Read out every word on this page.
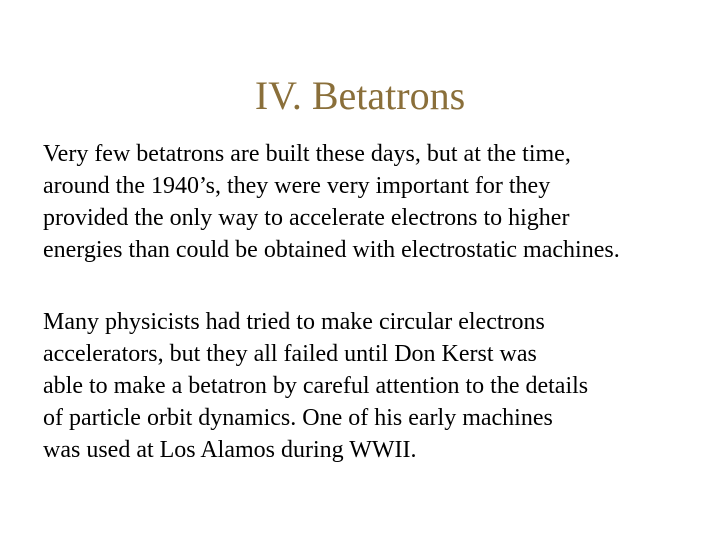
IV. Betatrons

Very few betatrons are built these days, but at the time,
around the 1940’s, they were very important for they
provided the only way to accelerate electrons to higher
energies than could be obtained with electrostatic machines.

Many physicists had tried to make circular electrons
accelerators, but they all failed until Don Kerst was
able to make a betatron by careful attention to the details
of particle orbit dynamics. One of his early machines
was used at Los Alamos during WWII.
